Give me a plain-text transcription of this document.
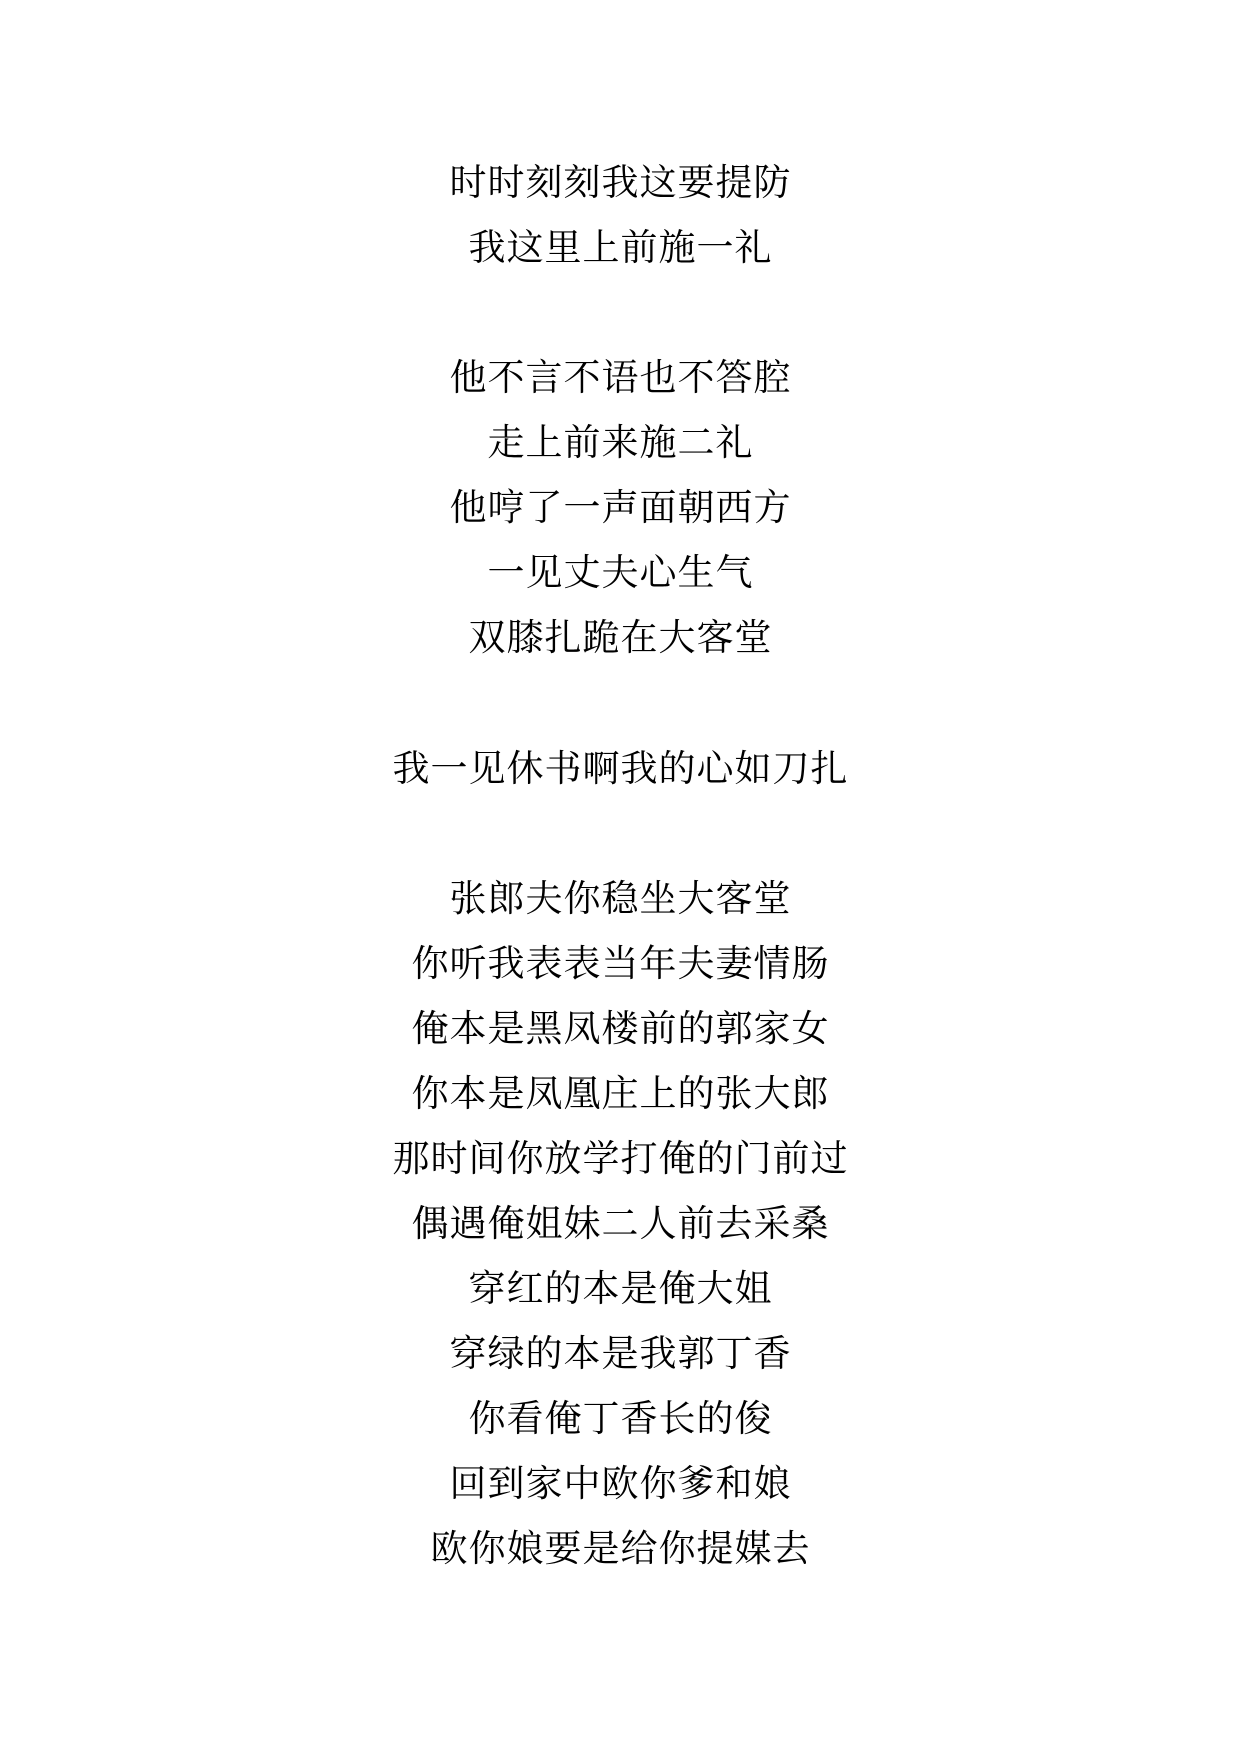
时时刻刻我这要提防
我这里上前施一礼
他不言不语也不答腔
走上前来施二礼
他哼了一声面朝西方
一见丈夫心生气
双膝扎跪在大客堂
我一见休书啊我的心如刀扎
张郎夫你稳坐大客堂
你听我表表当年夫妻情肠
俺本是黑凤楼前的郭家女
你本是凤凰庄上的张大郎
那时间你放学打俺的门前过
偶遇俺姐妹二人前去采桑
穿红的本是俺大姐
穿绿的本是我郭丁香
你看俺丁香长的俊
回到家中欧你爹和娘
欧你娘要是给你提媒去
